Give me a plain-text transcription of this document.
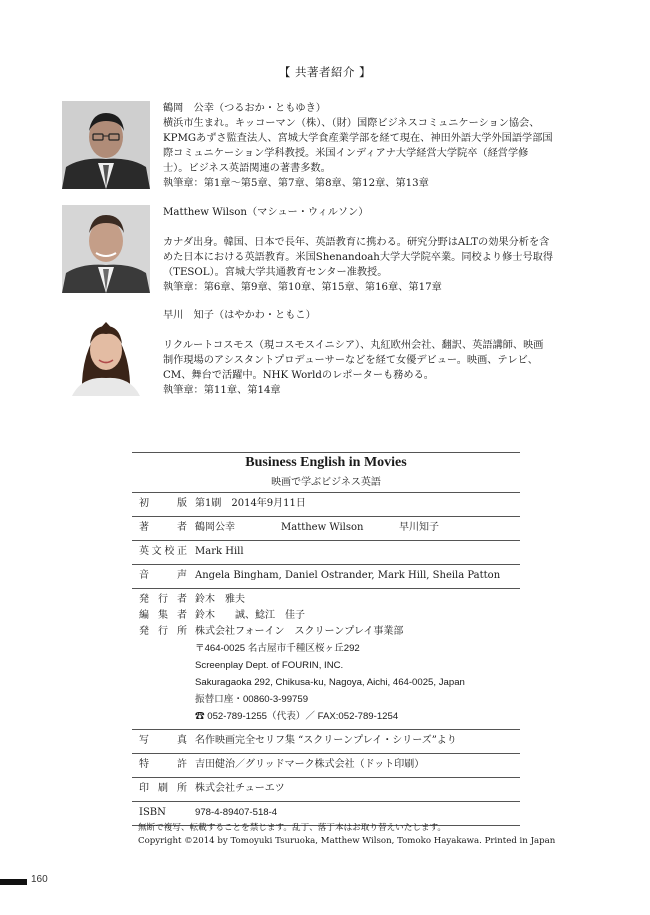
【 共著者紹介 】

鶴岡　公幸（つるおか・ともゆき）

横浜市生まれ。キッコーマン（株）、（財）国際ビジネスコミュニケーション協会、

KPMGあずさ監査法人、宮城大学食産業学部を経て現在、神田外語大学外国語学部国

際コミュニケーション学科教授。米国インディアナ大学経営大学院卒（経営学修

士）。ビジネス英語関連の著書多数。

執筆章：第1章〜第5章、第7章、第8章、第12章、第13章

Matthew Wilson（マシュー・ウィルソン）

カナダ出身。韓国、日本で長年、英語教育に携わる。研究分野はALTの効果分析を含

めた日本における英語教育。米国Shenandoah大学大学院卒業。同校より修士号取得

（TESOL）。宮城大学共通教育センター准教授。

執筆章：第6章、第9章、第10章、第15章、第16章、第17章

早川　知子（はやかわ・ともこ）

リクルートコスモス（現コスモスイニシア）、丸紅欧州会社、翻訳、英語講師、映画

制作現場のアシスタントプロデューサーなどを経て女優デビュー。映画、テレビ、

CM、舞台で活躍中。NHK Worldのレポーターも務める。

執筆章：第11章、第14章

Business English in Movies
映画で学ぶビジネス英語
初　版 第1刷　2014年9月11日
著　者 鶴岡公幸	Matthew Wilson	早川知子
英文校正 Mark Hill
音　声 Angela Bingham, Daniel Ostrander, Mark Hill, Sheila Patton
発行者 鈴木　雅夫
編集者 鈴木　　誠、鯰江　佳子
発行所 株式会社フォーイン　スクリーンプレイ事業部
〒464-0025 名古屋市千種区桜ヶ丘292
Screenplay Dept. of FOURIN, INC.
Sakuragaoka 292, Chikusa-ku, Nagoya, Aichi, 464-0025, Japan
振替口座・00860-3-99759
☎ 052-789-1255（代表）／ FAX:052-789-1254
写　真 名作映画完全セリフ集 “スクリーンプレイ・シリーズ”より
特　許 吉田健治／グリッドマーク株式会社（ドット印刷）
印刷所 株式会社チューエツ
ISBN	978-4-89407-518-4
無断で複写、転載することを禁じます。乱丁、落丁本はお取り替えいたします。
Copyright ©2014 by Tomoyuki Tsuruoka, Matthew Wilson, Tomoko Hayakawa. Printed in Japan
160
